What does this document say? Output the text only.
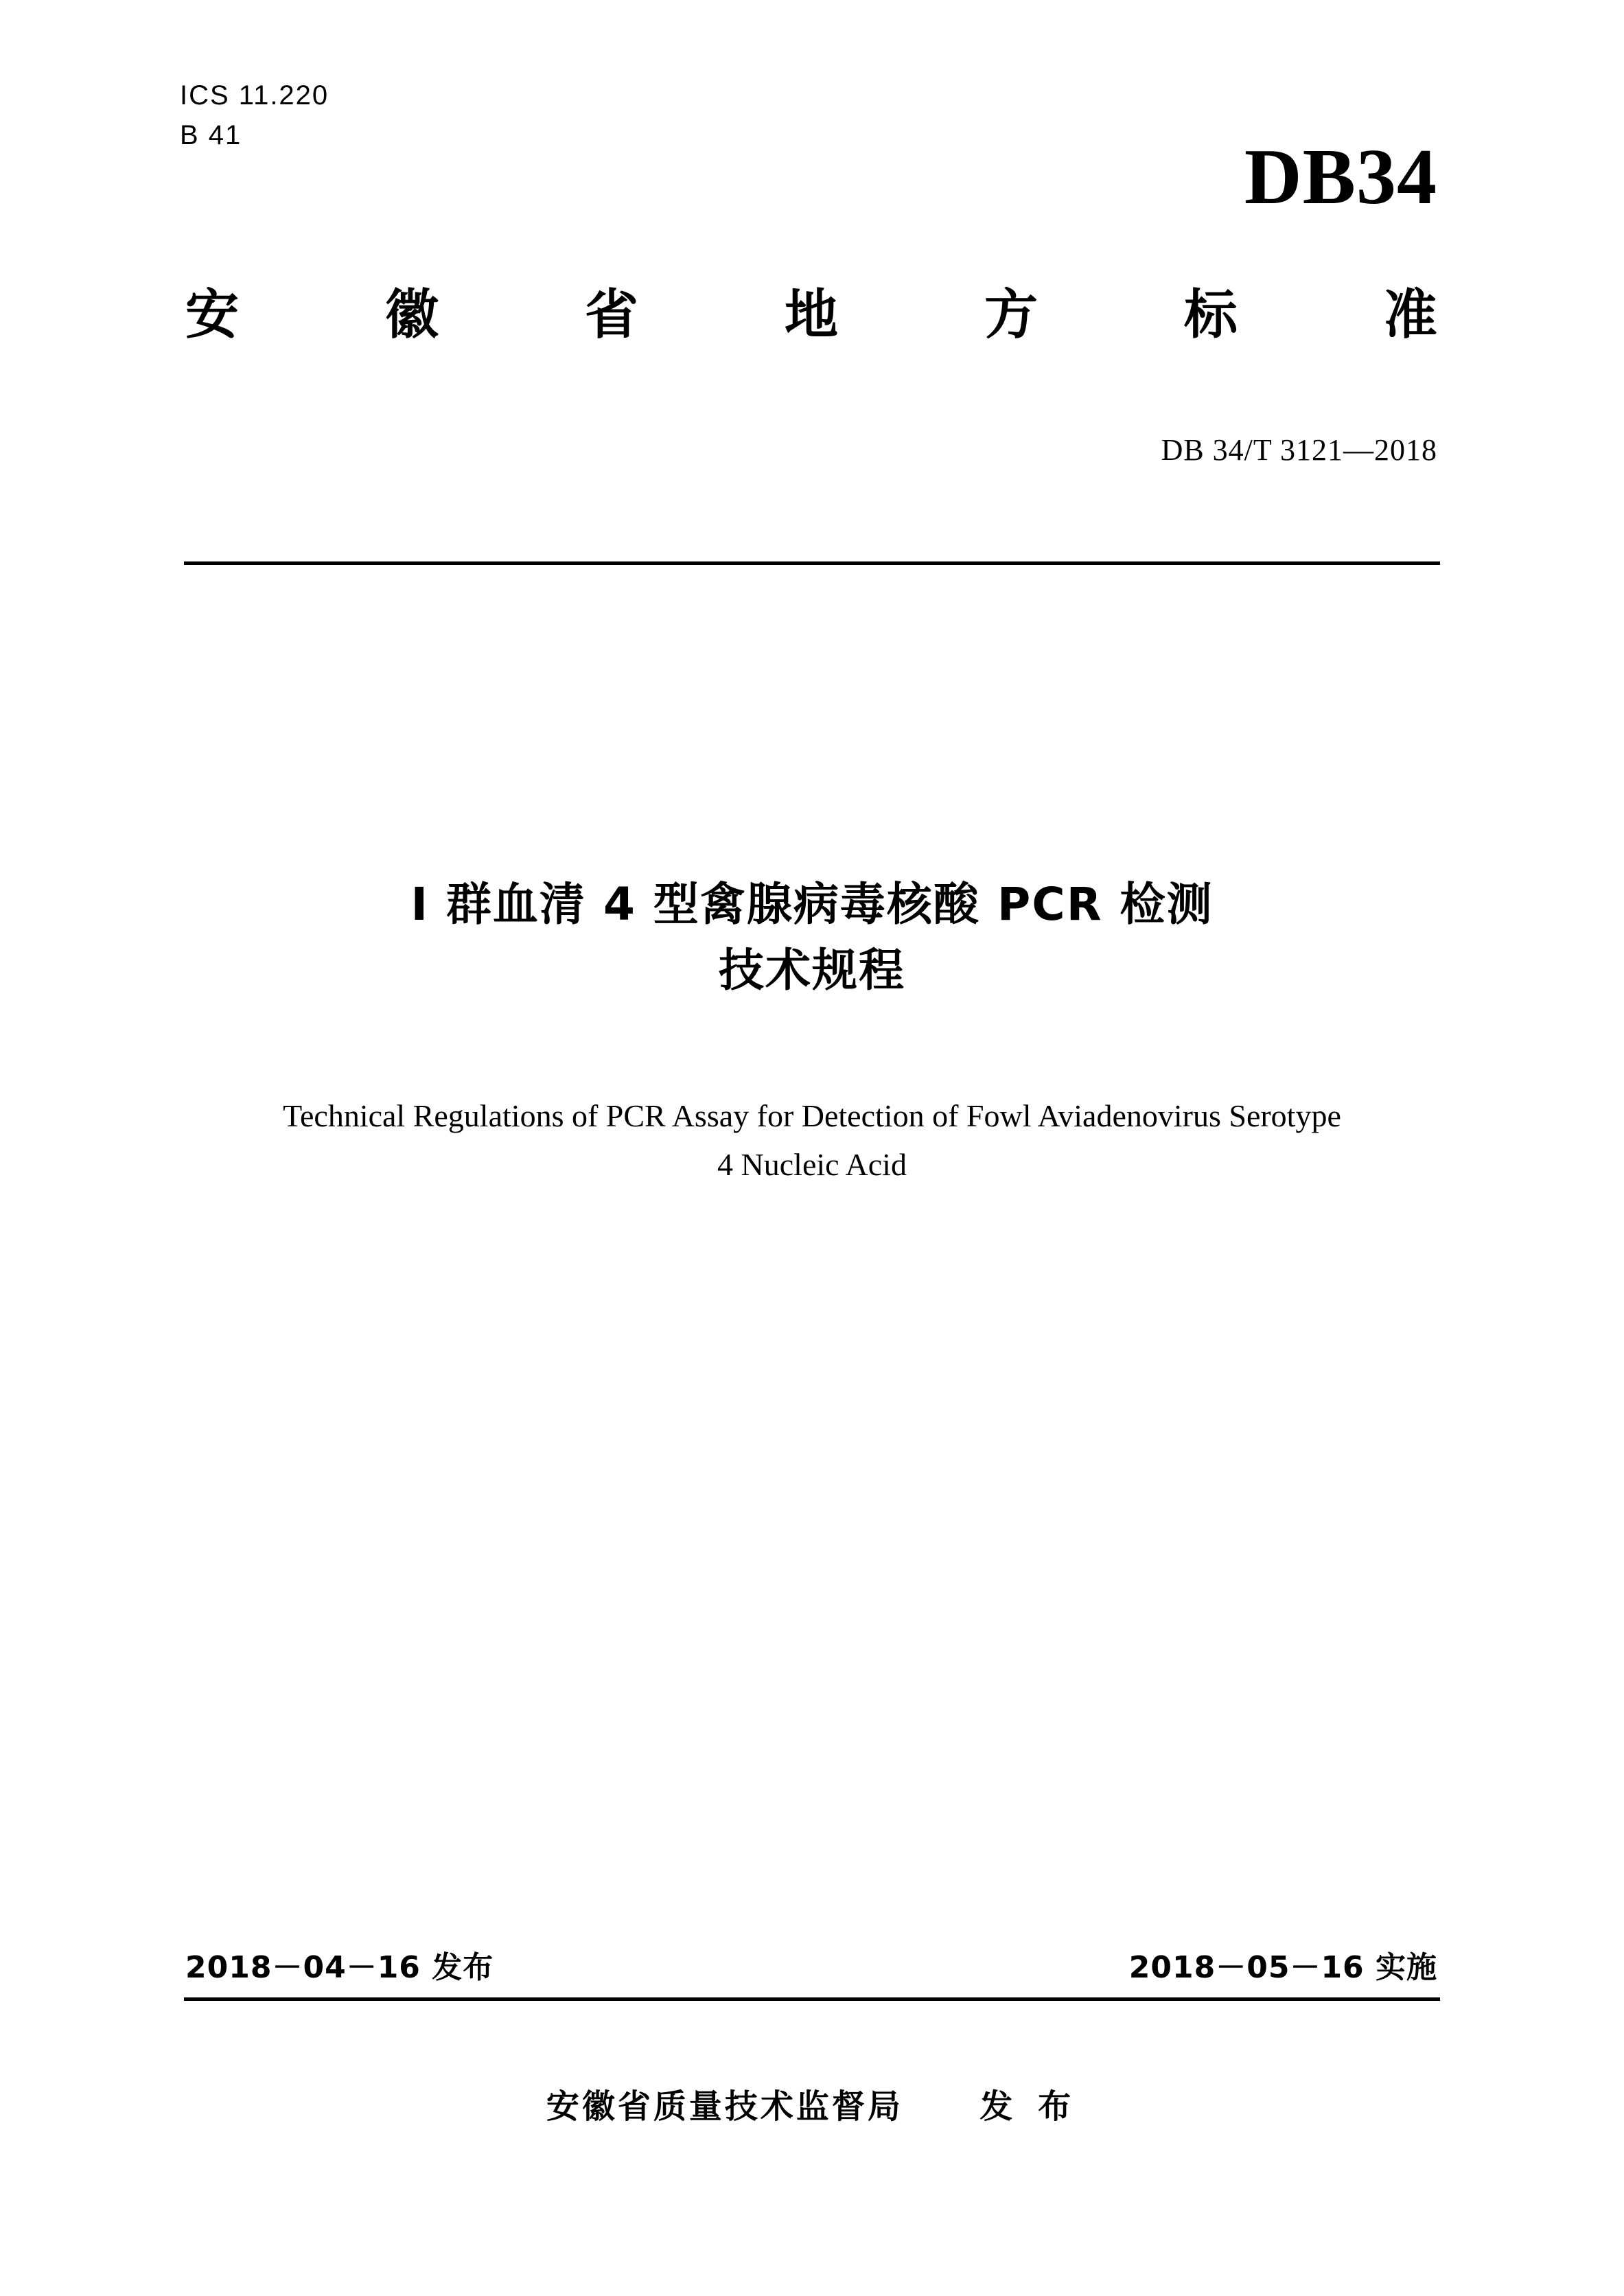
ICS 11.220
B 41	DB34
安	徽	省	地	方	标	准
DB 34/T 3121—2018
Ⅰ 群血清 4 型禽腺病毒核酸 PCR 检测
技术规程
Technical Regulations of PCR Assay for Detection of Fowl Aviadenovirus Serotype
4 Nucleic Acid
2018－04－16 发布	2018－05－16 实施
安徽省质量技术监督局 发 布
